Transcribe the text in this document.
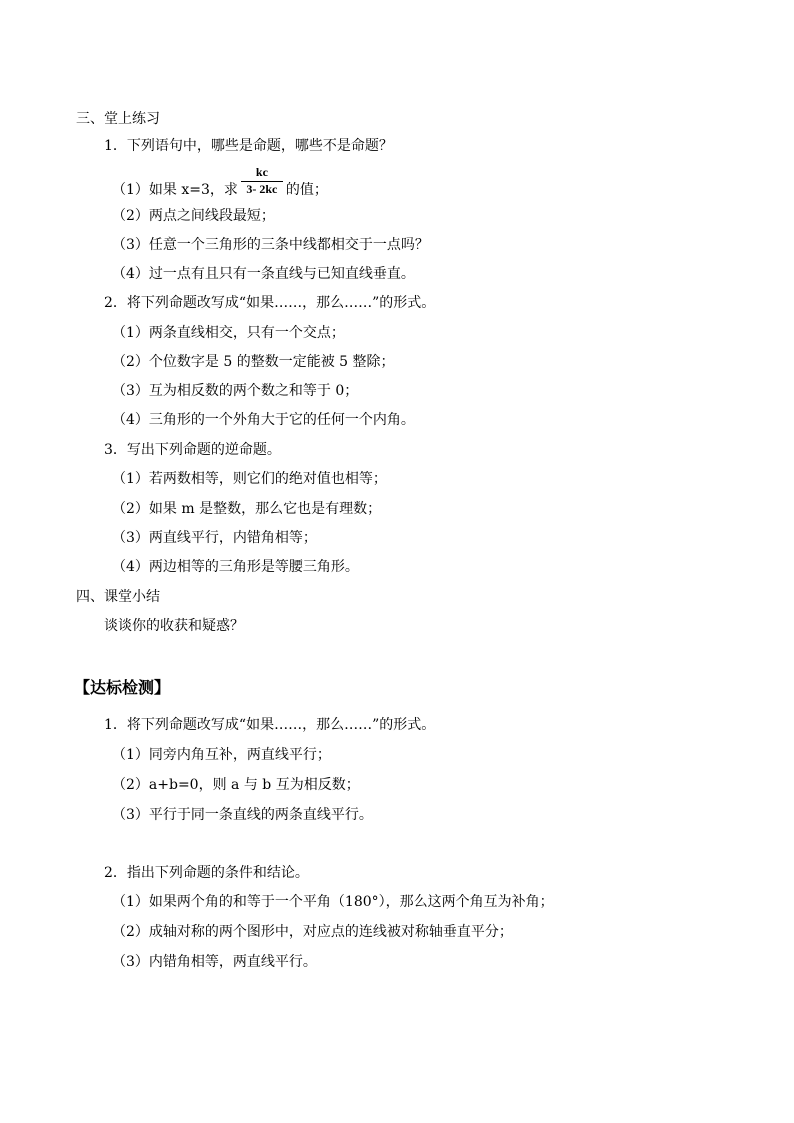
三、堂上练习
1．下列语句中，哪些是命题，哪些不是命题？
（1）如果 x=3，求 $\frac{kc}{3- 2kc}$ 的值；
（2）两点之间线段最短；
（3）任意一个三角形的三条中线都相交于一点吗？
（4）过一点有且只有一条直线与已知直线垂直。
2．将下列命题改写成“如果……，那么……”的形式。
（1）两条直线相交，只有一个交点；
（2）个位数字是 5 的整数一定能被 5 整除；
（3）互为相反数的两个数之和等于 0；
（4）三角形的一个外角大于它的任何一个内角。
3．写出下列命题的逆命题。
（1）若两数相等，则它们的绝对值也相等；
（2）如果 m 是整数，那么它也是有理数；
（3）两直线平行，内错角相等；
（4）两边相等的三角形是等腰三角形。
四、课堂小结
谈谈你的收获和疑惑？
【达标检测】
1．将下列命题改写成“如果……，那么……”的形式。
（1）同旁内角互补，两直线平行；
（2）a+b=0，则 a 与 b 互为相反数；
（3）平行于同一条直线的两条直线平行。
2．指出下列命题的条件和结论。
（1）如果两个角的和等于一个平角（180°），那么这两个角互为补角；
（2）成轴对称的两个图形中，对应点的连线被对称轴垂直平分；
（3）内错角相等，两直线平行。
